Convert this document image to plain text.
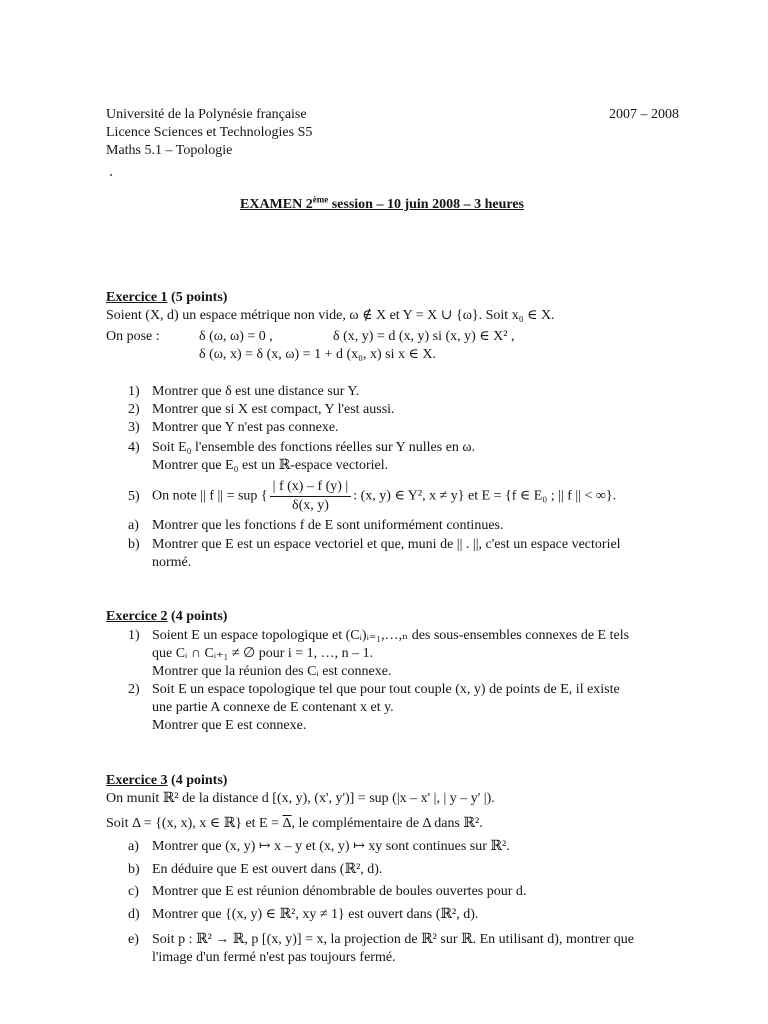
Université de la Polynésie française
Licence Sciences et Technologies S5
Maths 5.1 – Topologie
2007 – 2008
EXAMEN 2ème session – 10 juin 2008 – 3 heures
Exercice 1 (5 points)
Soient (X, d) un espace métrique non vide, ω ∉ X et Y = X ∪ {ω}. Soit x₀ ∈ X.
On pose :	δ (ω, ω) = 0 ,	δ (x, y) = d (x, y) si (x, y) ∈ X² ,
δ (ω, x) = δ (x, ω) = 1 + d (x₀, x) si x ∈ X.
1) Montrer que δ est une distance sur Y.
2) Montrer que si X est compact, Y l'est aussi.
3) Montrer que Y n'est pas connexe.
4) Soit E₀ l'ensemble des fonctions réelles sur Y nulles en ω.
Montrer que E₀ est un ℝ-espace vectoriel.
5) On note || f || = sup { $\frac{| f (x) - f (y) |}{\delta(x, y)}$ : (x, y) ∈ Y², x ≠ y} et E = {f ∈ E₀ ; || f || < ∞}.
a) Montrer que les fonctions f de E sont uniformément continues.
b) Montrer que E est un espace vectoriel et que, muni de || . ||, c'est un espace vectoriel
normé.
Exercice 2 (4 points)
1) Soient E un espace topologique et (Cᵢ)ᵢ₌₁,…,ₙ des sous-ensembles connexes de E tels
que Cᵢ ∩ Cᵢ₊₁ ≠ ∅ pour i = 1, …, n – 1.
Montrer que la réunion des Cᵢ est connexe.
2) Soit E un espace topologique tel que pour tout couple (x, y) de points de E, il existe
une partie A connexe de E contenant x et y.
Montrer que E est connexe.
Exercice 3 (4 points)
On munit ℝ² de la distance d [(x, y), (x', y')] = sup (|x – x' |, | y – y' |).
Soit Δ = {(x, x), x ∈ ℝ} et $E = \overline{\Delta}$, le complémentaire de Δ dans ℝ².
a) Montrer que (x, y) ↦ x – y et (x, y) ↦ xy sont continues sur ℝ².
b) En déduire que E est ouvert dans (ℝ², d).
c) Montrer que E est réunion dénombrable de boules ouvertes pour d.
d) Montrer que {(x, y) ∈ ℝ², xy ≠ 1} est ouvert dans (ℝ², d).
e) Soit p : ℝ² → ℝ, p [(x, y)] = x, la projection de ℝ² sur ℝ. En utilisant d), montrer que
l'image d'un fermé n'est pas toujours fermé.
